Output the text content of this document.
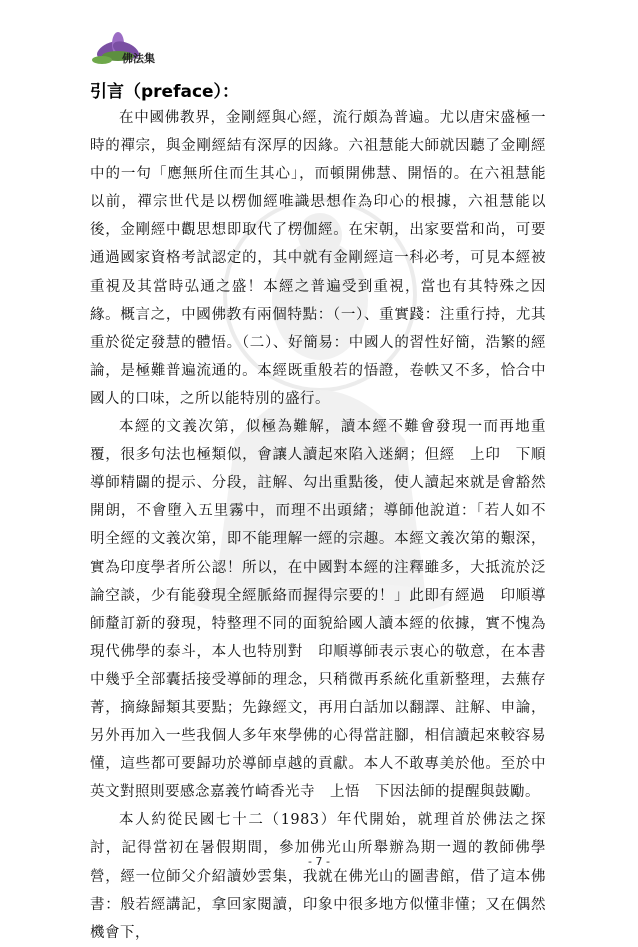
佛法集
引言（preface）：

在中國佛教界，金剛經與心經，流行頗為普遍。尤以唐宋盛極一時的禪宗，與金剛經結有深厚的因緣。六祖慧能大師就因聽了金剛經中的一句「應無所住而生其心」，而頓開佛慧、開悟的。在六祖慧能以前，禪宗世代是以楞伽經唯識思想作為印心的根據，六祖慧能以後，金剛經中觀思想即取代了楞伽經。在宋朝，出家要當和尚，可要通過國家資格考試認定的，其中就有金剛經這一科必考，可見本經被重視及其當時弘通之盛！本經之普遍受到重視，當也有其特殊之因緣。概言之，中國佛教有兩個特點：（一）、重實踐：注重行持，尤其重於從定發慧的體悟。（二）、好簡易：中國人的習性好簡，浩繁的經論，是極難普遍流通的。本經既重般若的悟證，卷帙又不多，恰合中國人的口味，之所以能特別的盛行。

本經的文義次第，似極為難解，讀本經不難會發現一而再地重覆，很多句法也極類似，會讓人讀起來陷入迷網；但經　上印　下順導師精闢的提示、分段，註解、勾出重點後，使人讀起來就是會豁然開朗，不會墮入五里霧中，而理不出頭緒；導師他說道：「若人如不明全經的文義次第，即不能理解一經的宗趣。本經文義次第的艱深，實為印度學者所公認！所以，在中國對本經的注釋雖多，大抵流於泛論空談，少有能發現全經脈絡而握得宗要的！」此即有經過　印順導師釐訂新的發現，特整理不同的面貌給國人讀本經的依據，實不愧為現代佛學的泰斗，本人也特別對　印順導師表示衷心的敬意，在本書中幾乎全部囊括接受導師的理念，只稍微再系統化重新整理，去蕪存菁，摘綠歸類其要點；先錄經文，再用白話加以翻譯、註解、申論，另外再加入一些我個人多年來學佛的心得當註腳，相信讀起來較容易懂，這些都可要歸功於導師卓越的貢獻。本人不敢專美於他。至於中英文對照則要感念嘉義竹崎香光寺　上悟　下因法師的提醒與鼓勵。

本人約從民國七十二（1983）年代開始，就理首於佛法之探討，記得當初在暑假期間，參加佛光山所舉辦為期一週的教師佛學營，經一位師父介紹讀妙雲集，我就在佛光山的圖書館，借了這本佛書：般若經講記，拿回家閱讀，印象中很多地方似懂非懂；又在偶然機會下，

- 7 -
